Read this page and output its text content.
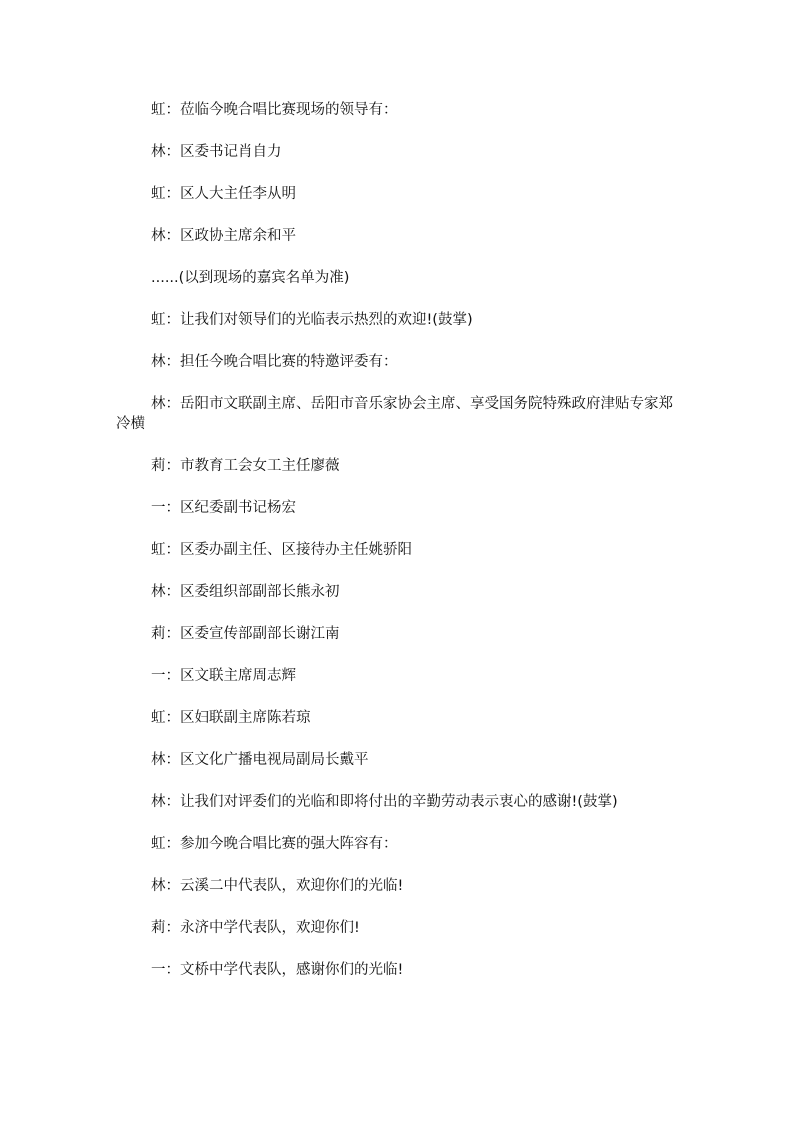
虹：莅临今晚合唱比赛现场的领导有：

林：区委书记肖自力

虹：区人大主任李从明

林：区政协主席余和平

......(以到现场的嘉宾名单为准)

虹：让我们对领导们的光临表示热烈的欢迎!(鼓掌)

林：担任今晚合唱比赛的特邀评委有：

林：岳阳市文联副主席、岳阳市音乐家协会主席、享受国务院特殊政府津贴专家郑冷横

莉：市教育工会女工主任廖薇

一：区纪委副书记杨宏

虹：区委办副主任、区接待办主任姚骄阳

林：区委组织部副部长熊永初

莉：区委宣传部副部长谢江南

一：区文联主席周志辉

虹：区妇联副主席陈若琼

林：区文化广播电视局副局长戴平

林：让我们对评委们的光临和即将付出的辛勤劳动表示衷心的感谢!(鼓掌)

虹：参加今晚合唱比赛的强大阵容有：

林：云溪二中代表队，欢迎你们的光临!

莉：永济中学代表队，欢迎你们!

一：文桥中学代表队，感谢你们的光临!
